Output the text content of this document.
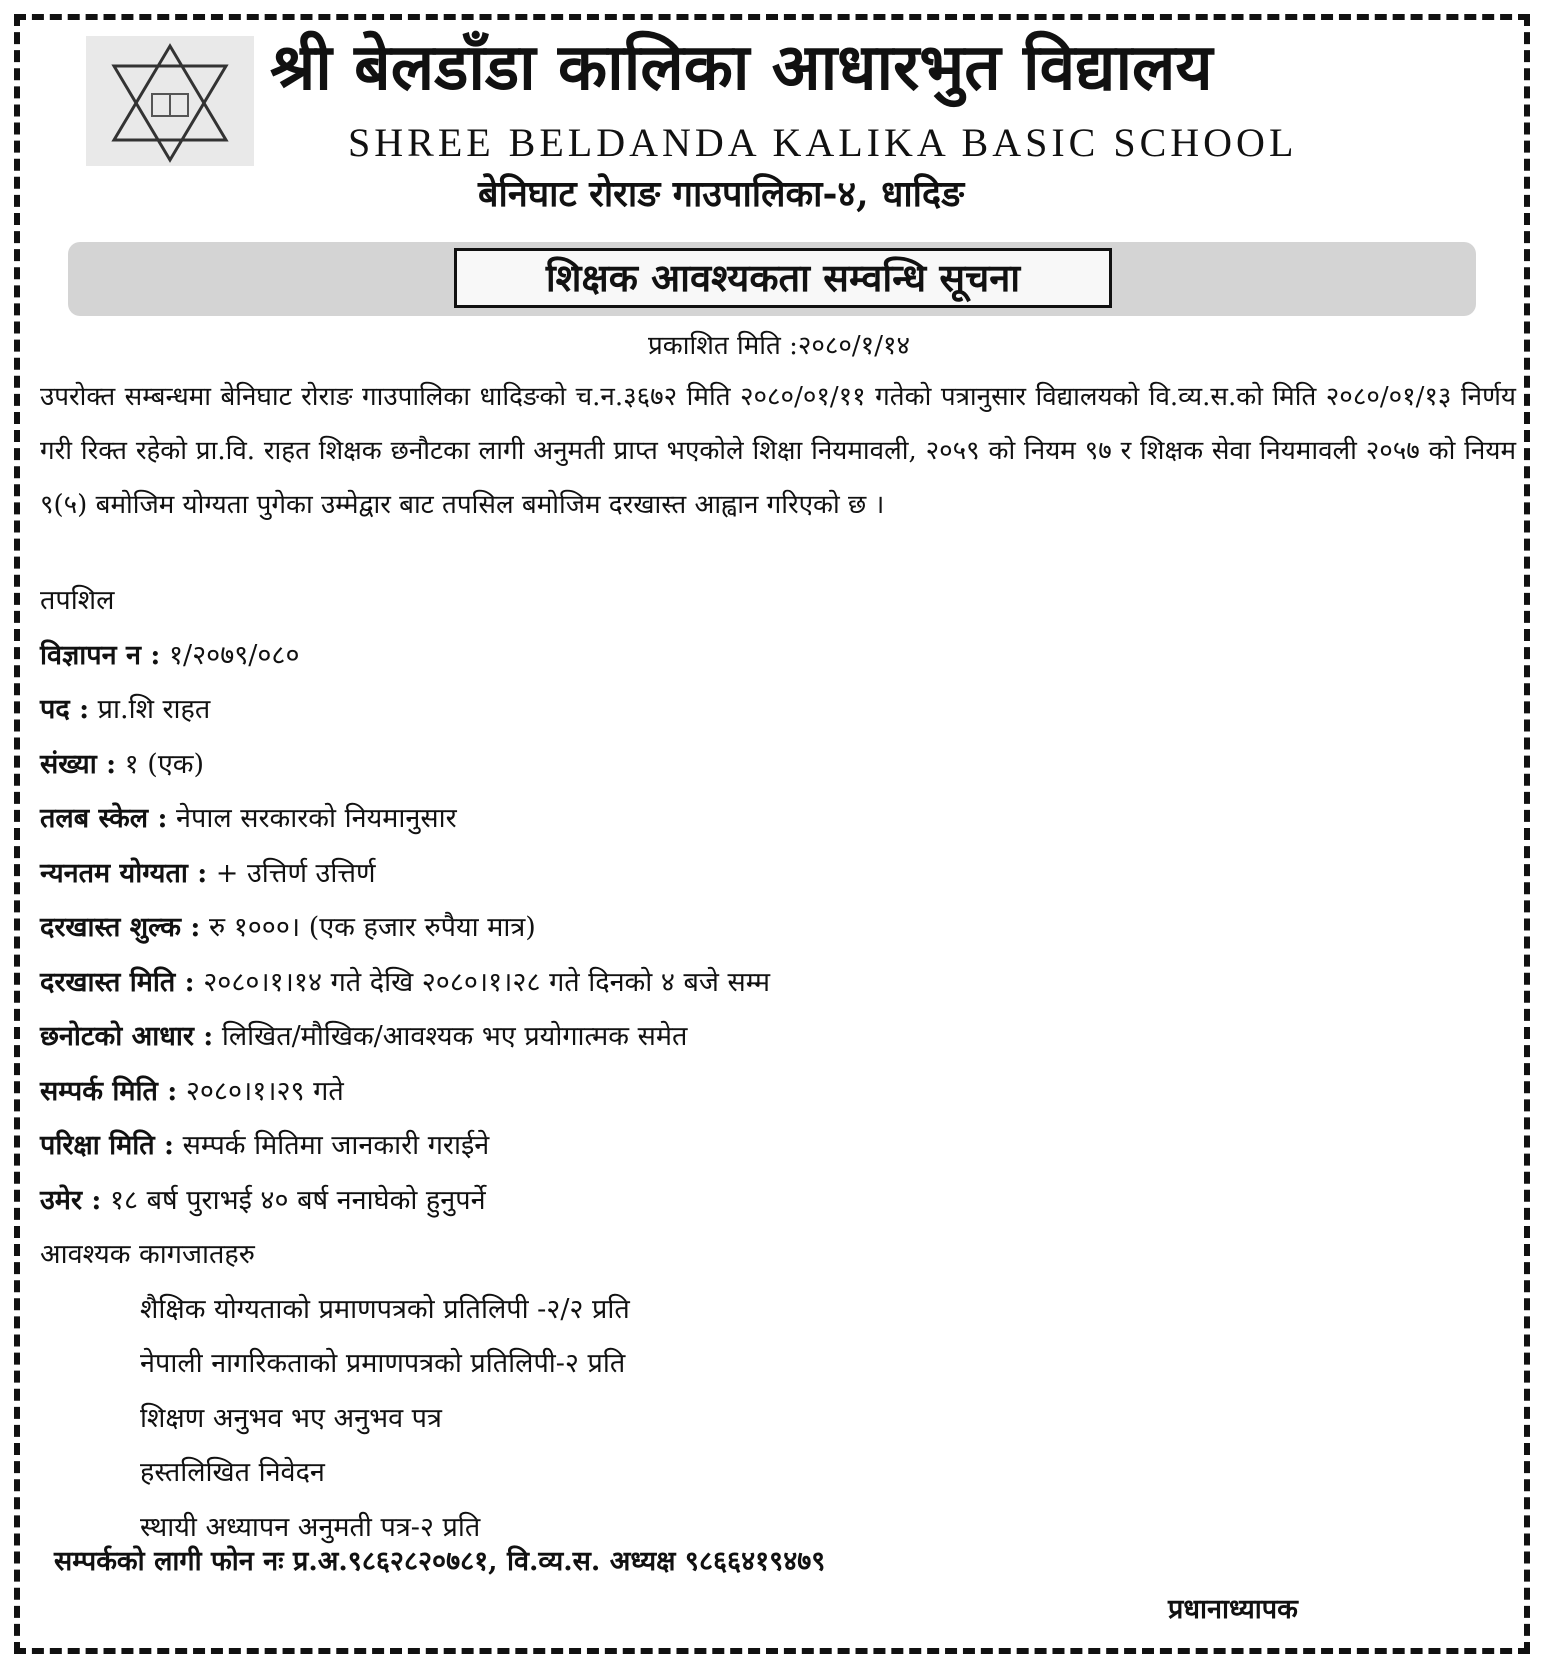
श्री बेलडाँडा कालिका आधारभुत विद्यालय
SHREE BELDANDA KALIKA BASIC SCHOOL
बेनिघाट रोराङ गाउपालिका-४, धादिङ
शिक्षक आवश्यकता सम्वन्धि सूचना
प्रकाशित मिति :२०८०/१/१४
उपरोक्त सम्बन्धमा बेनिघाट रोराङ गाउपालिका धादिङको च.न.३६७२ मिति २०८०/०१/११ गतेको पत्रानुसार विद्यालयको वि.व्य.स.को मिति २०८०/०१/१३ निर्णय गरी रिक्त रहेको प्रा.वि. राहत शिक्षक छनौटका लागी अनुमती प्राप्त भएकोले शिक्षा नियमावली, २०५९ को नियम ९७ र शिक्षक सेवा नियमावली २०५७ को नियम ९(५) बमोजिम योग्यता पुगेका उम्मेद्वार बाट तपसिल बमोजिम दरखास्त आह्वान गरिएको छ ।
तपशिल
विज्ञापन न : १/२०७९/०८०
पद : प्रा.शि राहत
संख्या : १ (एक)
तलब स्केल : नेपाल सरकारको नियमानुसार
न्यनतम योग्यता : + उत्तिर्ण उत्तिर्ण
दरखास्त शुल्क : रु १०००। (एक हजार रुपैया मात्र)
दरखास्त मिति : २०८०।१।१४ गते देखि २०८०।१।२८ गते दिनको ४ बजे सम्म
छनोटको आधार : लिखित/मौखिक/आवश्यक भए प्रयोगात्मक समेत
सम्पर्क मिति : २०८०।१।२९ गते
परिक्षा मिति : सम्पर्क मितिमा जानकारी गराईने
उमेर : १८ बर्ष पुराभई ४० बर्ष ननाघेको हुनुपर्ने
आवश्यक कागजातहरु
शैक्षिक योग्यताको प्रमाणपत्रको प्रतिलिपी -२/२ प्रति
नेपाली नागरिकताको प्रमाणपत्रको प्रतिलिपी-२ प्रति
शिक्षण अनुभव भए अनुभव पत्र
हस्तलिखित निवेदन
स्थायी अध्यापन अनुमती पत्र-२ प्रति
सम्पर्कको लागी फोन नः प्र.अ.९८६२८२०७८१, वि.व्य.स. अध्यक्ष ९८६६४१९४७९
प्रधानाध्यापक
